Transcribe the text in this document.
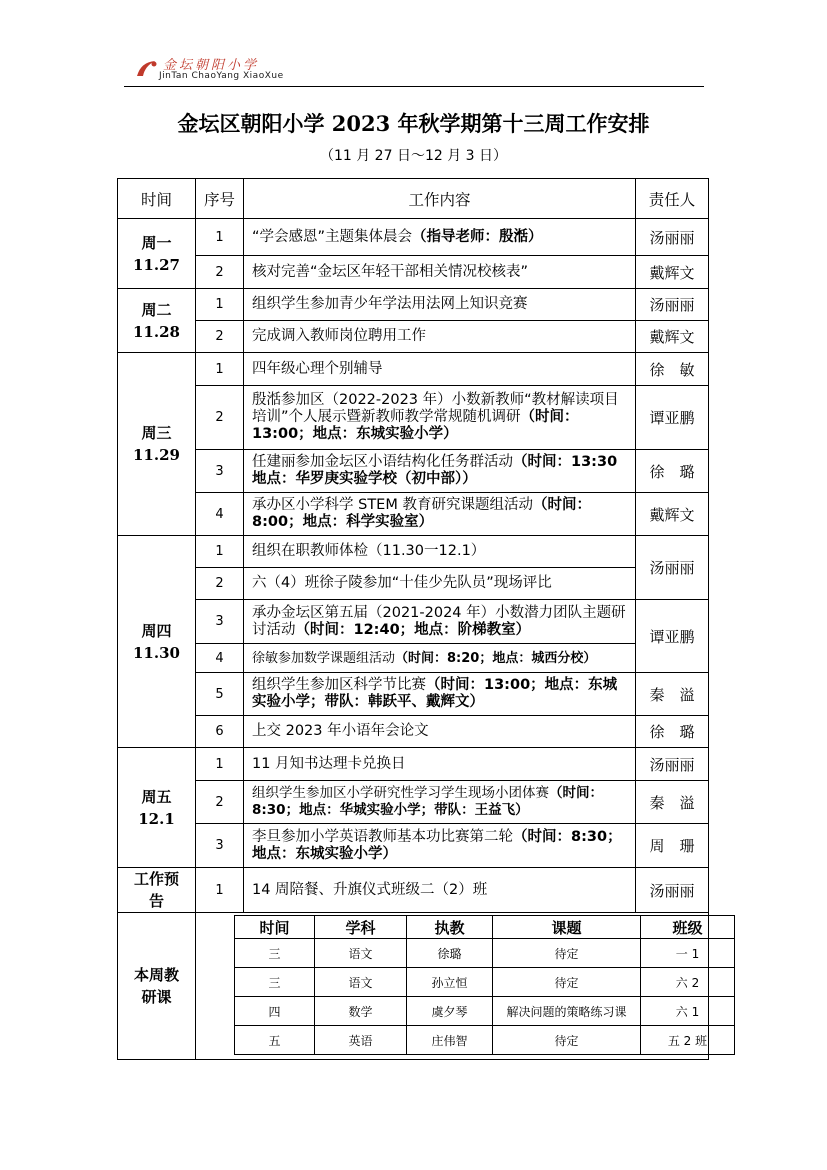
金坛朝阳小学
JinTan ChaoYang XiaoXue
金坛区朝阳小学 2023 年秋学期第十三周工作安排
（11 月 27 日～12 月 3 日）
时间	序号	工作内容	责任人

周一
11.27
	1	“学会感恩”主题集体晨会（指导老师：殷湉）	汤丽丽
2	核对完善“金坛区年轻干部相关情况校核表”	戴辉文

周二
11.28
	1	组织学生参加青少年学法用法网上知识竞赛	汤丽丽
2	完成调入教师岗位聘用工作	戴辉文

周三
11.29
	1	四年级心理个别辅导	徐　敏
2	殷湉参加区（2022-2023 年）小数新教师“教材解读项目培训”个人展示暨新教师教学常规随机调研（时间：13:00；地点：东城实验小学）	谭亚鹏
3	任建丽参加金坛区小语结构化任务群活动（时间：13:30　地点：华罗庚实验学校（初中部））	徐　璐
4	承办区小学科学 STEM 教育研究课题组活动（时间：8:00；地点：科学实验室）	戴辉文

周四
11.30
	1	组织在职教师体检（11.30一12.1）	汤丽丽
2	六（4）班徐子陵参加“十佳少先队员”现场评比
3	承办金坛区第五届（2021-2024 年）小数潜力团队主题研讨活动（时间：12:40；地点：阶梯教室）	谭亚鹏
4	徐敏参加数学课题组活动（时间：8:20；地点：城西分校）
5	组织学生参加区科学节比赛（时间：13:00；地点：东城实验小学；带队：韩跃平、戴辉文）	秦　溢
6	上交 2023 年小语年会论文	徐　璐

周五
12.1
	1	11 月知书达理卡兑换日	汤丽丽
2	组织学生参加区小学研究性学习学生现场小团体赛（时间：8:30；地点：华城实验小学；带队：王益飞）	秦　溢
3	李旦参加小学英语教师基本功比赛第二轮（时间：8:30；地点：东城实验小学）	周　珊
工作预告	1	14 周陪餐、升旗仪式班级二（2）班	汤丽丽
本周教研课	
时间	学科	执教	课题	班级
三	语文	徐璐	待定	一 1
三	语文	孙立恒	待定	六 2
四	数学	虞夕琴	解决问题的策略练习课	六 1
五	英语	庄伟智	待定	五 2 班
